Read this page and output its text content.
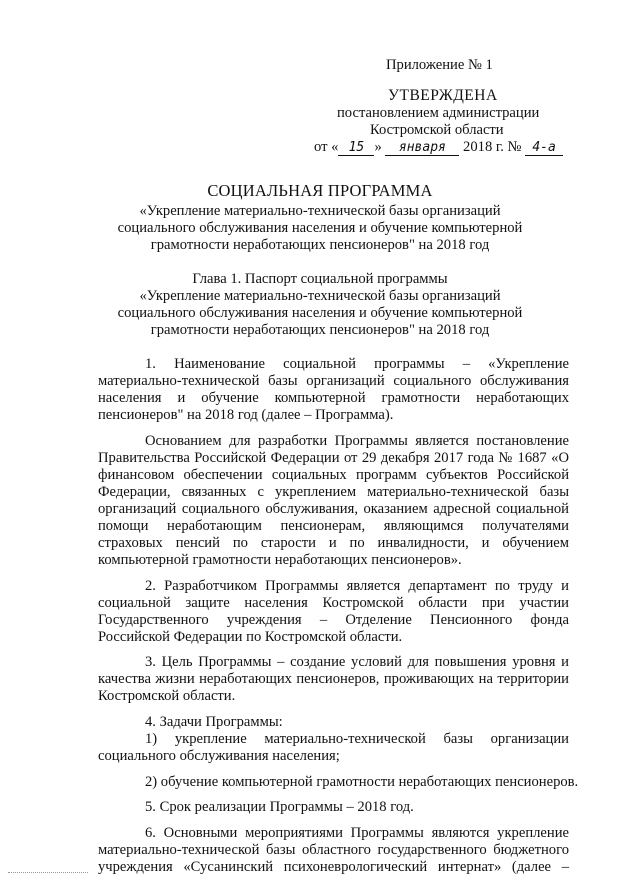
Приложение № 1
УТВЕРЖДЕНА
постановлением администрации
Костромской области
от « 15 » января 2018 г. № 4-а
СОЦИАЛЬНАЯ ПРОГРАММА
«Укрепление материально-технической базы организаций
социального обслуживания населения и обучение компьютерной
грамотности неработающих пенсионеров" на 2018 год
Глава 1. Паспорт социальной программы
«Укрепление материально-технической базы организаций
социального обслуживания населения и обучение компьютерной
грамотности неработающих пенсионеров" на 2018 год
1. Наименование социальной программы – «Укрепление
материально-технической базы организаций социального обслуживания
населения и обучение компьютерной грамотности неработающих
пенсионеров" на 2018 год (далее – Программа).
Основанием для разработки Программы является постановление
Правительства Российской Федерации от 29 декабря 2017 года № 1687 «О
финансовом обеспечении социальных программ субъектов Российской
Федерации, связанных с укреплением материально-технической базы
организаций социального обслуживания, оказанием адресной социальной
помощи неработающим пенсионерам, являющимся получателями
страховых пенсий по старости и по инвалидности, и обучением
компьютерной грамотности неработающих пенсионеров».
2. Разработчиком Программы является департамент по труду и
социальной защите населения Костромской области при участии
Государственного учреждения – Отделение Пенсионного фонда
Российской Федерации по Костромской области.
3. Цель Программы – создание условий для повышения уровня и
качества жизни неработающих пенсионеров, проживающих на территории
Костромской области.
4. Задачи Программы:
1) укрепление материально-технической базы организации
социального обслуживания населения;
2) обучение компьютерной грамотности неработающих пенсионеров.
5. Срок реализации Программы – 2018 год.
6. Основными мероприятиями Программы являются укрепление
материально-технической базы областного государственного бюджетного
учреждения «Сусанинский психоневрологический интернат» (далее –
